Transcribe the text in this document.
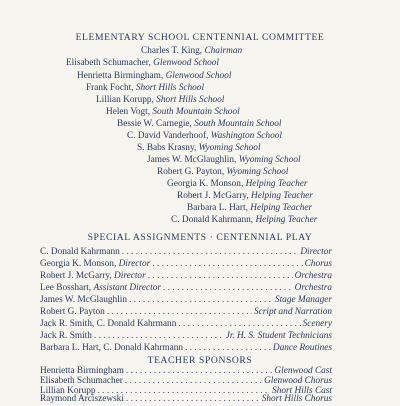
ELEMENTARY SCHOOL CENTENNIAL COMMITTEE
Charles T. King, Chairman
Elisabeth Schumacher, Glenwood School
Henrietta Birmingham, Glenwood School
Frank Focht, Short Hills School
Lillian Korupp, Short Hills School
Helen Vogt, South Mountain School
Bessie W. Carnegie, South Mountain School
C. David Vanderhoof, Washington School
S. Babs Krasny, Wyoming School
James W. McGlaughlin, Wyoming School
Robert G. Payton, Wyoming School
Georgia K. Monson, Helping Teacher
Robert J. McGarry, Helping Teacher
Barbara L. Hart, Helping Teacher
C. Donald Kahrmann, Helping Teacher
SPECIAL ASSIGNMENTS · CENTENNIAL PLAY
C. Donald Kahrmann . . .	Director
Georgia K. Monson, Director . . .	Chorus
Robert J. McGarry, Director . . .	Orchestra
Lee Bosshart, Assistant Director . . .	Orchestra
James W. McGlaughlin . . .	Stage Manager
Robert G. Payton . . .	Script and Narration
Jack R. Smith, C. Donald Kahrmann . . .	Scenery
Jack R. Smith . . .	Jr. H. S. Student Technicians
Barbara L. Hart, C. Donald Kahrmann . . .	Dance Routines
TEACHER SPONSORS
Henrietta Birmingham . . .	Glenwood Cast
Elisabeth Schumacher . . .	Glenwood Chorus
Lillian Korupp . . .	Short Hills Cast
Raymond Arciszewski . . .	Short Hills Chorus
